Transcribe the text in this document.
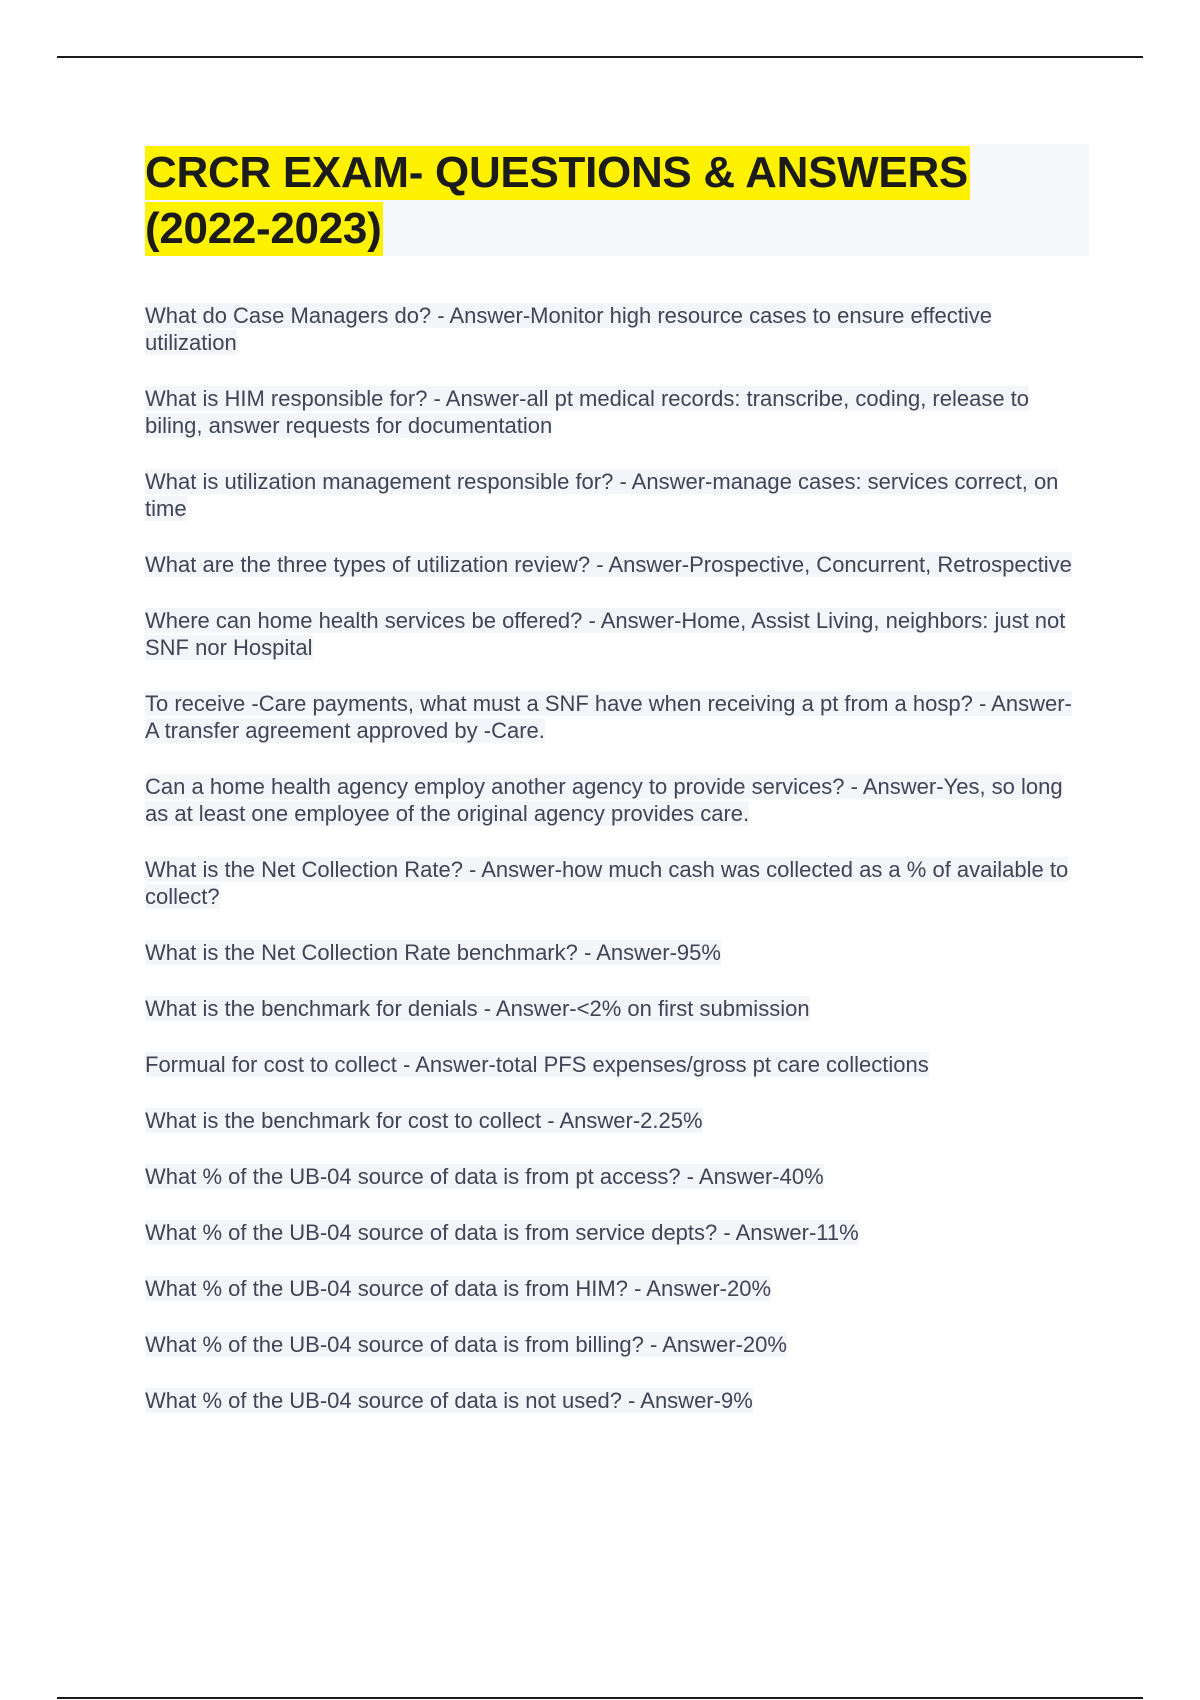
CRCR EXAM- QUESTIONS & ANSWERS
(2022-2023)
What do Case Managers do? - Answer-Monitor high resource cases to ensure effective utilization
What is HIM responsible for? - Answer-all pt medical records: transcribe, coding, release to biling, answer requests for documentation
What is utilization management responsible for? - Answer-manage cases: services correct, on time
What are the three types of utilization review? - Answer-Prospective, Concurrent, Retrospective
Where can home health services be offered? - Answer-Home, Assist Living, neighbors: just not SNF nor Hospital
To receive -Care payments, what must a SNF have when receiving a pt from a hosp? - Answer-A transfer agreement approved by -Care.
Can a home health agency employ another agency to provide services? - Answer-Yes, so long as at least one employee of the original agency provides care.
What is the Net Collection Rate? - Answer-how much cash was collected as a % of available to collect?
What is the Net Collection Rate benchmark? - Answer-95%
What is the benchmark for denials - Answer-<2% on first submission
Formual for cost to collect - Answer-total PFS expenses/gross pt care collections
What is the benchmark for cost to collect - Answer-2.25%
What % of the UB-04 source of data is from pt access? - Answer-40%
What % of the UB-04 source of data is from service depts? - Answer-11%
What % of the UB-04 source of data is from HIM? - Answer-20%
What % of the UB-04 source of data is from billing? - Answer-20%
What % of the UB-04 source of data is not used? - Answer-9%
